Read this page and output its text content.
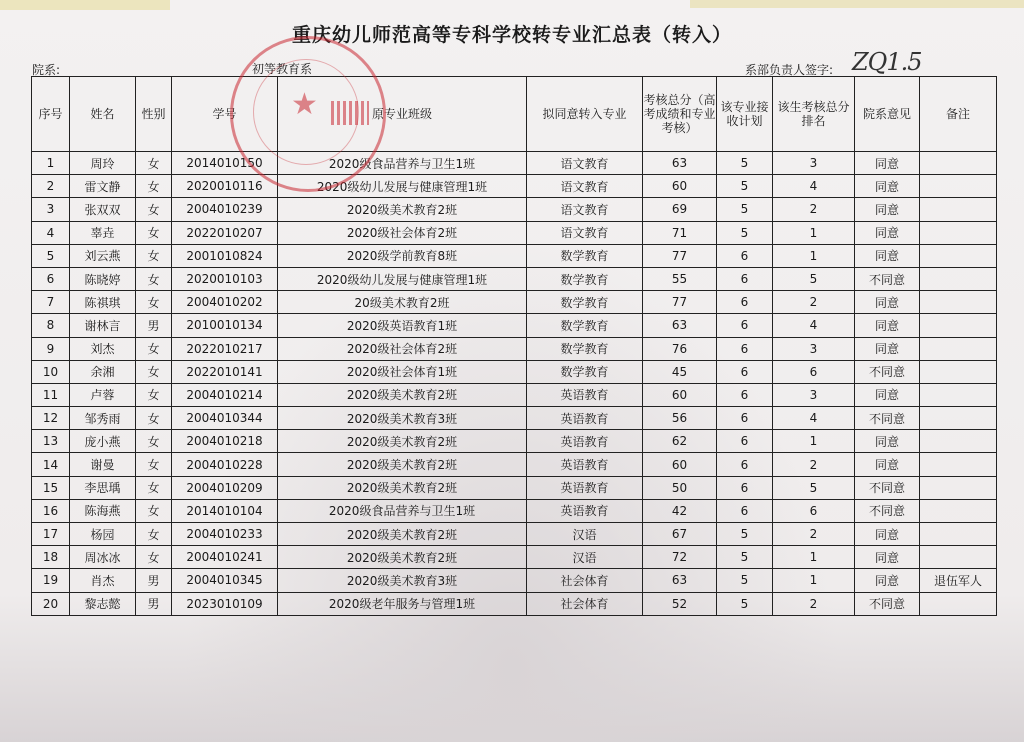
重庆幼儿师范高等专科学校转专业汇总表（转入）
院系:	初等教育系	系部负责人签字: ZQ1.5
序号	姓名	性别	学号	原专业班级	拟同意转入专业	考核总分（高考成绩和专业考核）	该专业接收计划	该生考核总分排名	院系意见	备注
1	周玲	女	2014010150	2020级食品营养与卫生1班	语文教育	63	5	3	同意	
2	雷文静	女	2020010116	2020级幼儿发展与健康管理1班	语文教育	60	5	4	同意	
3	张双双	女	2004010239	2020级美术教育2班	语文教育	69	5	2	同意	
4	辜垚	女	2022010207	2020级社会体育2班	语文教育	71	5	1	同意	
5	刘云燕	女	2001010824	2020级学前教育8班	数学教育	77	6	1	同意	
6	陈晓婷	女	2020010103	2020级幼儿发展与健康管理1班	数学教育	55	6	5	不同意	
7	陈祺琪	女	2004010202	20级美术教育2班	数学教育	77	6	2	同意	
8	谢林言	男	2010010134	2020级英语教育1班	数学教育	63	6	4	同意	
9	刘杰	女	2022010217	2020级社会体育2班	数学教育	76	6	3	同意	
10	余湘	女	2022010141	2020级社会体育1班	数学教育	45	6	6	不同意	
11	卢蓉	女	2004010214	2020级美术教育2班	英语教育	60	6	3	同意	
12	邹秀雨	女	2004010344	2020级美术教育3班	英语教育	56	6	4	不同意	
13	庞小燕	女	2004010218	2020级美术教育2班	英语教育	62	6	1	同意	
14	谢曼	女	2004010228	2020级美术教育2班	英语教育	60	6	2	同意	
15	李思瑀	女	2004010209	2020级美术教育2班	英语教育	50	6	5	不同意	
16	陈海燕	女	2014010104	2020级食品营养与卫生1班	英语教育	42	6	6	不同意	
17	杨园	女	2004010233	2020级美术教育2班	汉语	67	5	2	同意	
18	周冰冰	女	2004010241	2020级美术教育2班	汉语	72	5	1	同意	
19	肖杰	男	2004010345	2020级美术教育3班	社会体育	63	5	1	同意	退伍军人
20	黎志懿	男	2023010109	2020级老年服务与管理1班	社会体育	52	5	2	不同意	
★
